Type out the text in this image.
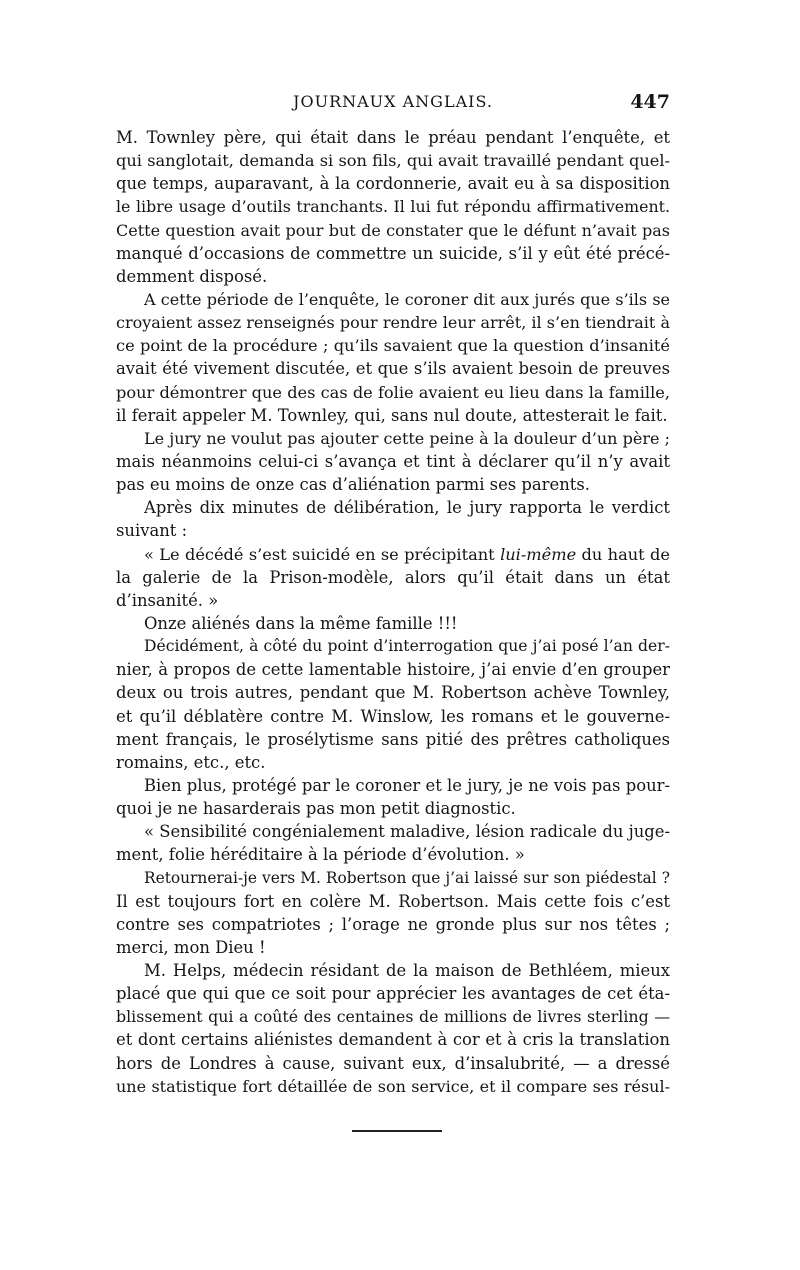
JOURNAUX ANGLAIS.	447
M. Townley père, qui était dans le préau pendant l’enquête, et
qui sanglotait, demanda si son fils, qui avait travaillé pendant quel-
que temps, auparavant, à la cordonnerie, avait eu à sa disposition
le libre usage d’outils tranchants. Il lui fut répondu affirmativement.
Cette question avait pour but de constater que le défunt n’avait pas
manqué d’occasions de commettre un suicide, s’il y eût été précé-
demment disposé.
A cette période de l’enquête, le coroner dit aux jurés que s’ils se
croyaient assez renseignés pour rendre leur arrêt, il s’en tiendrait à
ce point de la procédure ; qu’ils savaient que la question d’insanité
avait été vivement discutée, et que s’ils avaient besoin de preuves
pour démontrer que des cas de folie avaient eu lieu dans la famille,
il ferait appeler M. Townley, qui, sans nul doute, attesterait le fait.
Le jury ne voulut pas ajouter cette peine à la douleur d’un père ;
mais néanmoins celui-ci s’avança et tint à déclarer qu’il n’y avait
pas eu moins de onze cas d’aliénation parmi ses parents.
Après dix minutes de délibération, le jury rapporta le verdict
suivant :
« Le décédé s’est suicidé en se précipitant lui-même du haut de
la galerie de la Prison-modèle, alors qu’il était dans un état
d’insanité. »
Onze aliénés dans la même famille !!!
Décidément, à côté du point d’interrogation que j’ai posé l’an der-
nier, à propos de cette lamentable histoire, j’ai envie d’en grouper
deux ou trois autres, pendant que M. Robertson achève Townley,
et qu’il déblatère contre M. Winslow, les romans et le gouverne-
ment français, le prosélytisme sans pitié des prêtres catholiques
romains, etc., etc.
Bien plus, protégé par le coroner et le jury, je ne vois pas pour-
quoi je ne hasarderais pas mon petit diagnostic.
« Sensibilité congénialement maladive, lésion radicale du juge-
ment, folie héréditaire à la période d’évolution. »
Retournerai-je vers M. Robertson que j’ai laissé sur son piédestal ?
Il est toujours fort en colère M. Robertson. Mais cette fois c’est
contre ses compatriotes ; l’orage ne gronde plus sur nos têtes ;
merci, mon Dieu !
M. Helps, médecin résidant de la maison de Bethléem, mieux
placé que qui que ce soit pour apprécier les avantages de cet éta-
blissement qui a coûté des centaines de millions de livres sterling —
et dont certains aliénistes demandent à cor et à cris la translation
hors de Londres à cause, suivant eux, d’insalubrité, — a dressé
une statistique fort détaillée de son service, et il compare ses résul-
